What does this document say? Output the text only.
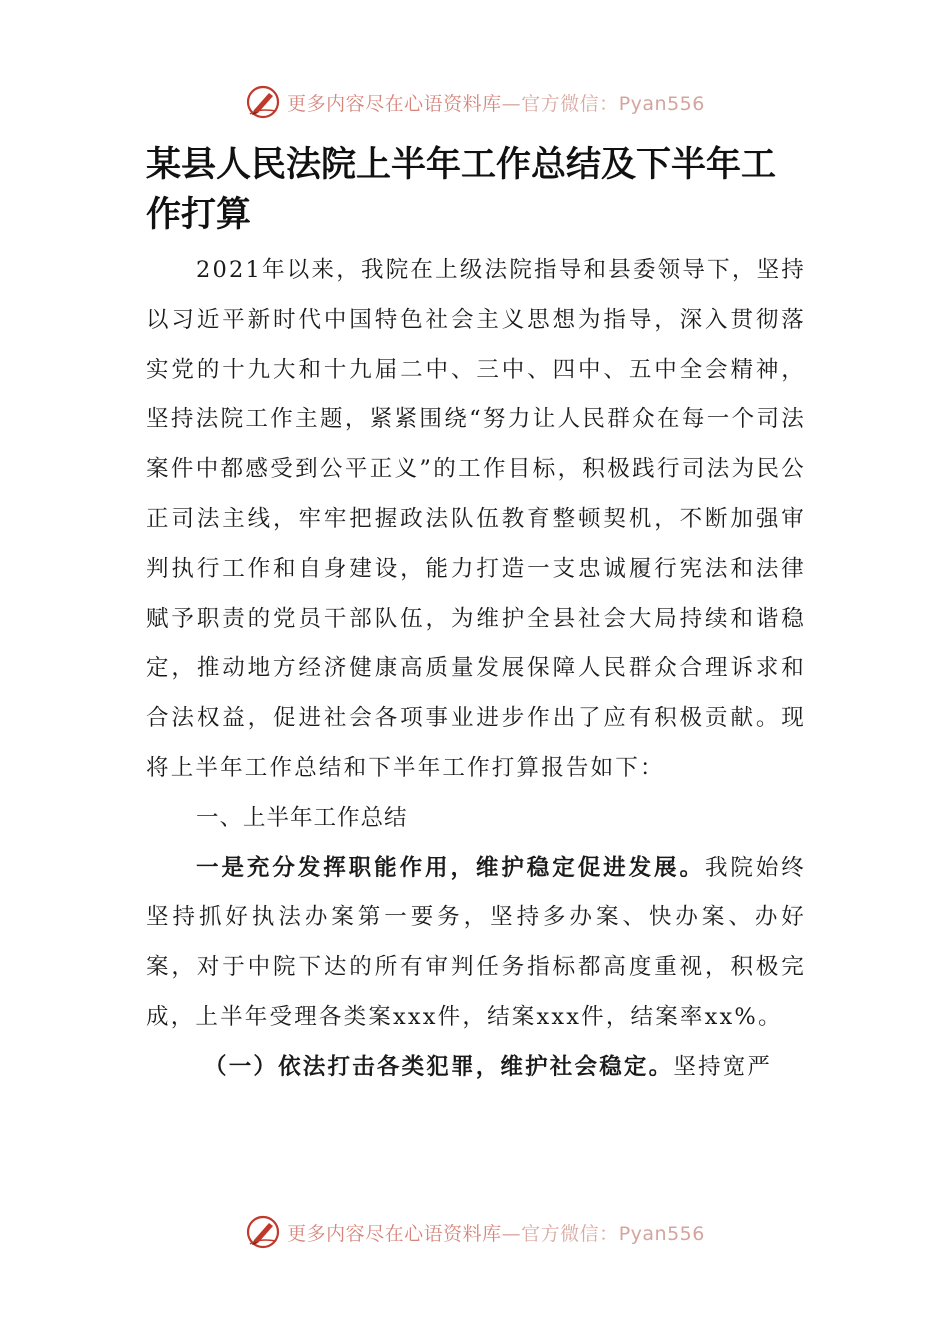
更多内容尽在心语资料库—官方微信：Pyan556
某县人民法院上半年工作总结及下半年工作打算

2021年以来，我院在上级法院指导和县委领导下，坚持以习近平新时代中国特色社会主义思想为指导，深入贯彻落实党的十九大和十九届二中、三中、四中、五中全会精神，坚持法院工作主题，紧紧围绕“努力让人民群众在每一个司法案件中都感受到公平正义”的工作目标，积极践行司法为民公正司法主线，牢牢把握政法队伍教育整顿契机，不断加强审判执行工作和自身建设，能力打造一支忠诚履行宪法和法律赋予职责的党员干部队伍，为维护全县社会大局持续和谐稳定，推动地方经济健康高质量发展保障人民群众合理诉求和合法权益，促进社会各项事业进步作出了应有积极贡献。现将上半年工作总结和下半年工作打算报告如下：

一、上半年工作总结

一是充分发挥职能作用，维护稳定促进发展。我院始终坚持抓好执法办案第一要务，坚持多办案、快办案、办好案，对于中院下达的所有审判任务指标都高度重视，积极完成，上半年受理各类案xxx件，结案xxx件，结案率xx%。

（一）依法打击各类犯罪，维护社会稳定。坚持宽严

更多内容尽在心语资料库—官方微信：Pyan556
